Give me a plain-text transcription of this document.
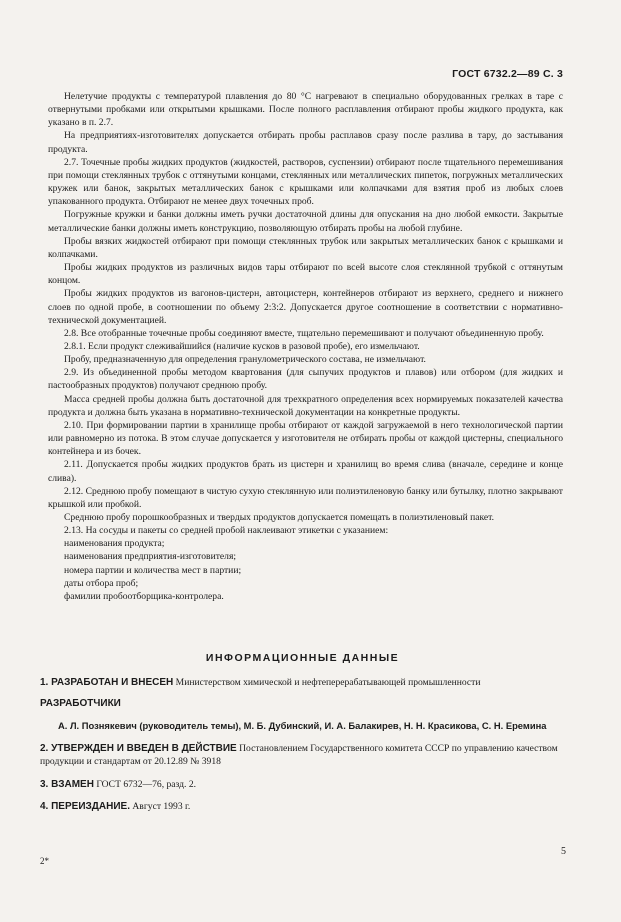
ГОСТ 6732.2—89 С. 3

Нелетучие продукты с температурой плавления до 80 °С нагревают в специально оборудованных грелках в таре с отвернутыми пробками или открытыми крышками. После полного расплавления отбирают пробы жидкого продукта, как указано в п. 2.7.

На предприятиях-изготовителях допускается отбирать пробы расплавов сразу после разлива в тару, до застывания продукта.

2.7. Точечные пробы жидких продуктов (жидкостей, растворов, суспензии) отбирают после тщательного перемешивания при помощи стеклянных трубок с оттянутыми концами, стеклянных или металлических пипеток, погружных металлических кружек или банок, закрытых металлических банок с крышками или колпачками для взятия проб из любых слоев упакованного продукта. Отбирают не менее двух точечных проб.

Погружные кружки и банки должны иметь ручки достаточной длины для опускания на дно любой емкости. Закрытые металлические банки должны иметь конструкцию, позволяющую отбирать пробы на любой глубине.

Пробы вязких жидкостей отбирают при помощи стеклянных трубок или закрытых металлических банок с крышками и колпачками.

Пробы жидких продуктов из различных видов тары отбирают по всей высоте слоя стеклянной трубкой с оттянутым концом.

Пробы жидких продуктов из вагонов-цистерн, автоцистерн, контейнеров отбирают из верхнего, среднего и нижнего слоев по одной пробе, в соотношении по объему 2:3:2. Допускается другое соотношение в соответствии с нормативно-технической документацией.

2.8. Все отобранные точечные пробы соединяют вместе, тщательно перемешивают и получают объединенную пробу.

2.8.1. Если продукт слеживайшийся (наличие кусков в разовой пробе), его измельчают.

Пробу, предназначенную для определения гранулометрического состава, не измельчают.

2.9. Из объединенной пробы методом квартования (для сыпучих продуктов и плавов) или отбором (для жидких и пастообразных продуктов) получают среднюю пробу.

Масса средней пробы должна быть достаточной для трехкратного определения всех нормируемых показателей качества продукта и должна быть указана в нормативно-технической документации на конкретные продукты.

2.10. При формировании партии в хранилище пробы отбирают от каждой загружаемой в него технологической партии или равномерно из потока. В этом случае допускается у изготовителя не отбирать пробы от каждой цистерны, специального контейнера и из бочек.

2.11. Допускается пробы жидких продуктов брать из цистерн и хранилищ во время слива (вначале, середине и конце слива).

2.12. Среднюю пробу помещают в чистую сухую стеклянную или полиэтиленовую банку или бутылку, плотно закрывают крышкой или пробкой.

Среднюю пробу порошкообразных и твердых продуктов допускается помещать в полиэтиленовый пакет.

2.13. На сосуды и пакеты со средней пробой наклеивают этикетки с указанием:

наименования продукта;

наименования предприятия-изготовителя;

номера партии и количества мест в партии;

даты отбора проб;

фамилии пробоотборщика-контролера.

ИНФОРМАЦИОННЫЕ ДАННЫЕ
1. РАЗРАБОТАН И ВНЕСЕН Министерством химической и нефтеперерабатывающей промышленности
РАЗРАБОТЧИКИ
А. Л. Познякевич (руководитель темы), М. Б. Дубинский, И. А. Балакирев, Н. Н. Красикова, С. Н. Еремина
2. УТВЕРЖДЕН И ВВЕДЕН В ДЕЙСТВИЕ Постановлением Государственного комитета СССР по управлению качеством продукции и стандартам от 20.12.89 № 3918
3. ВЗАМЕН ГОСТ 6732—76, разд. 2.
4. ПЕРЕИЗДАНИЕ. Август 1993 г.
5
2*
